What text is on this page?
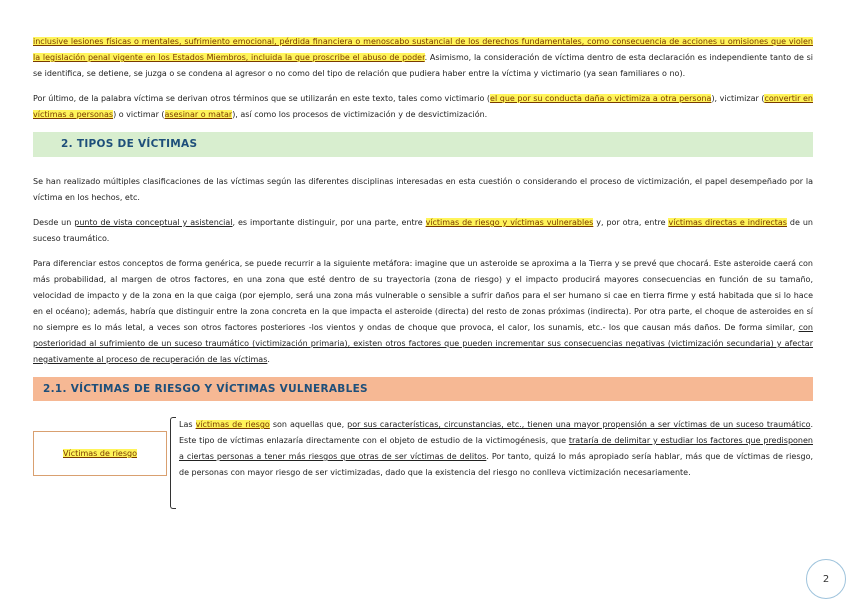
inclusive lesiones físicas o mentales, sufrimiento emocional, pérdida financiera o menoscabo sustancial de los derechos fundamentales, como consecuencia de acciones u omisiones que violen la legislación penal vigente en los Estados Miembros, incluida la que proscribe el abuso de poder. Asimismo, la consideración de víctima dentro de esta declaración es independiente tanto de si se identifica, se detiene, se juzga o se condena al agresor o no como del tipo de relación que pudiera haber entre la víctima y victimario (ya sean familiares o no).

Por último, de la palabra víctima se derivan otros términos que se utilizarán en este texto, tales como victimario (el que por su conducta daña o victimiza a otra persona), victimizar (convertir en víctimas a personas) o victimar (asesinar o matar), así como los procesos de victimización y de desvictimización.

2. TIPOS DE VÍCTIMAS

Se han realizado múltiples clasificaciones de las víctimas según las diferentes disciplinas interesadas en esta cuestión o considerando el proceso de victimización, el papel desempeñado por la víctima en los hechos, etc.

Desde un punto de vista conceptual y asistencial, es importante distinguir, por una parte, entre víctimas de riesgo y víctimas vulnerables y, por otra, entre víctimas directas e indirectas de un suceso traumático.

Para diferenciar estos conceptos de forma genérica, se puede recurrir a la siguiente metáfora: imagine que un asteroide se aproxima a la Tierra y se prevé que chocará. Este asteroide caerá con más probabilidad, al margen de otros factores, en una zona que esté dentro de su trayectoria (zona de riesgo) y el impacto producirá mayores consecuencias en función de su tamaño, velocidad de impacto y de la zona en la que caiga (por ejemplo, será una zona más vulnerable o sensible a sufrir daños para el ser humano si cae en tierra firme y está habitada que si lo hace en el océano); además, habría que distinguir entre la zona concreta en la que impacta el asteroide (directa) del resto de zonas próximas (indirecta). Por otra parte, el choque de asteroides en sí no siempre es lo más letal, a veces son otros factores posteriores -los vientos y ondas de choque que provoca, el calor, los sunamis, etc.- los que causan más daños. De forma similar, con posterioridad al sufrimiento de un suceso traumático (victimización primaria), existen otros factores que pueden incrementar sus consecuencias negativas (victimización secundaria) y afectar negativamente al proceso de recuperación de las víctimas.

2.1. VÍCTIMAS DE RIESGO Y VÍCTIMAS VULNERABLES
Víctimas de riesgo

Las víctimas de riesgo son aquellas que, por sus características, circunstancias, etc., tienen una mayor propensión a ser víctimas de un suceso traumático. Este tipo de víctimas enlazaría directamente con el objeto de estudio de la victimogénesis, que trataría de delimitar y estudiar los factores que predisponen a ciertas personas a tener más riesgos que otras de ser víctimas de delitos. Por tanto, quizá lo más apropiado sería hablar, más que de víctimas de riesgo, de personas con mayor riesgo de ser victimizadas, dado que la existencia del riesgo no conlleva victimización necesariamente.

2
